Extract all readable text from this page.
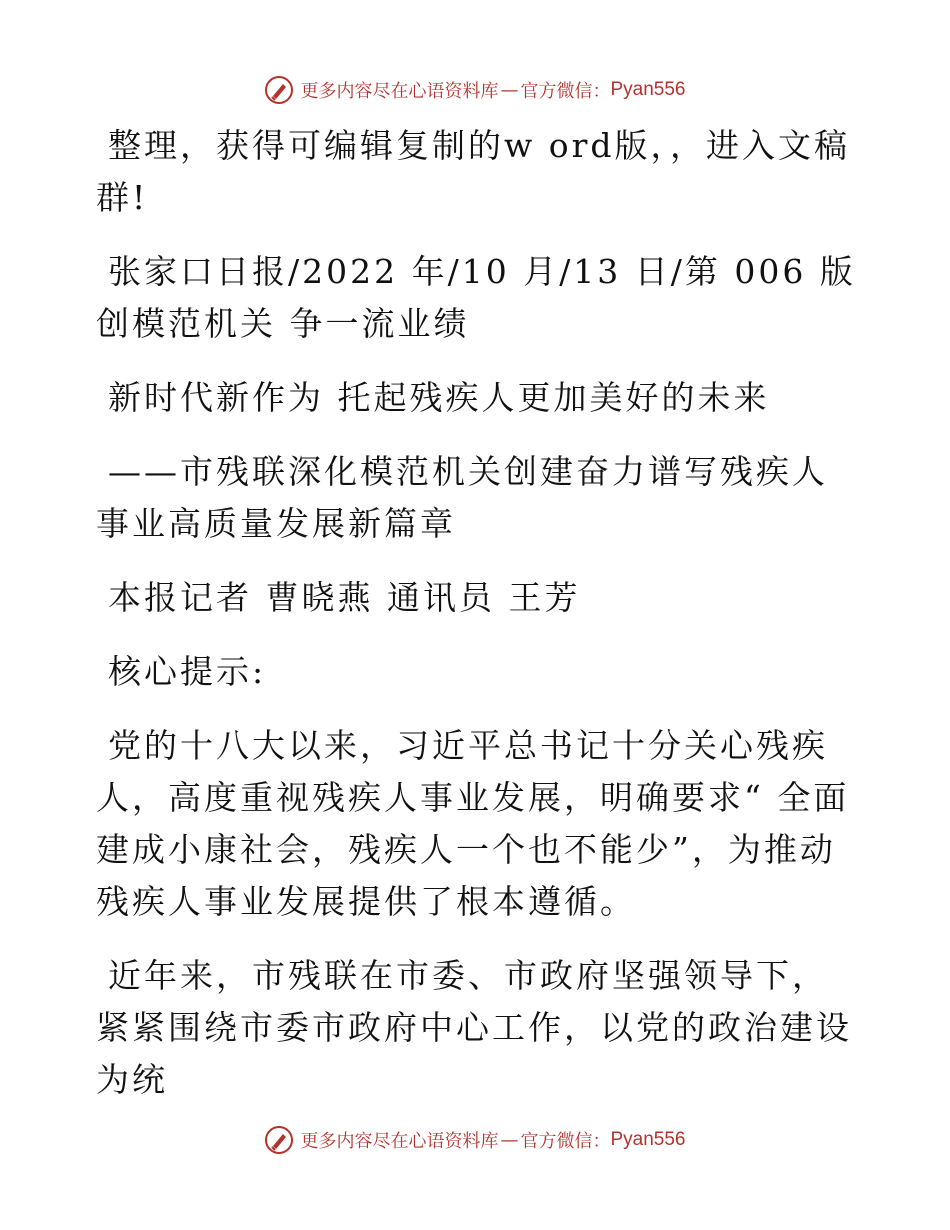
更多内容尽在心语资料库 — 官方微信： Pyan556

整理，获得可编辑复制的w ord版，，进入文稿群!

张家口日报/2022 年/10 月/13 日/第 006 版创模范机关 争一流业绩

新时代新作为 托起残疾人更加美好的未来

——市残联深化模范机关创建奋力谱写残疾人事业高质量发展新篇章

本报记者 曹晓燕 通讯员 王芳

核心提示:

党的十八大以来，习近平总书记十分关心残疾人，高度重视残疾人事业发展，明确要求“ 全面建成小康社会，残疾人一个也不能少”，为推动残疾人事业发展提供了根本遵循。

近年来，市残联在市委、市政府坚强领导下，紧紧围绕市委市政府中心工作，以党的政治建设为统

更多内容尽在心语资料库 — 官方微信： Pyan556
